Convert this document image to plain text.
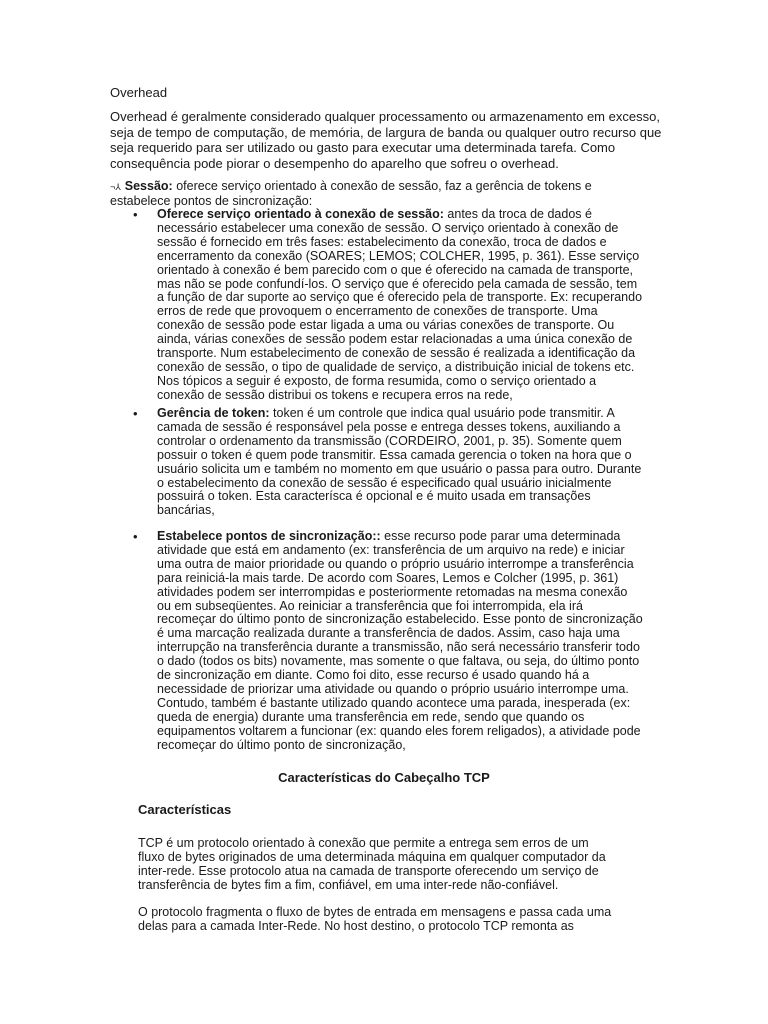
Overhead

Overhead é geralmente considerado qualquer processamento ou armazenamento em excesso,
seja de tempo de computação, de memória, de largura de banda ou qualquer outro recurso que
seja requerido para ser utilizado ou gasto para executar uma determinada tarefa. Como
consequência pode piorar o desempenho do aparelho que sofreu o overhead.

¬⅄ Sessão: oferece serviço orientado à conexão de sessão, faz a gerência de tokens e
estabelece pontos de sincronização:

• Oferece serviço orientado à conexão de sessão: antes da troca de dados é
necessário estabelecer uma conexão de sessão. O serviço orientado à conexão de
sessão é fornecido em três fases: estabelecimento da conexão, troca de dados e
encerramento da conexão (SOARES; LEMOS; COLCHER, 1995, p. 361). Esse serviço
orientado à conexão é bem parecido com o que é oferecido na camada de transporte,
mas não se pode confundí-los. O serviço que é oferecido pela camada de sessão, tem
a função de dar suporte ao serviço que é oferecido pela de transporte. Ex: recuperando
erros de rede que provoquem o encerramento de conexões de transporte. Uma
conexão de sessão pode estar ligada a uma ou várias conexões de transporte. Ou
ainda, várias conexões de sessão podem estar relacionadas a uma única conexão de
transporte. Num estabelecimento de conexão de sessão é realizada a identificação da
conexão de sessão, o tipo de qualidade de serviço, a distribuição inicial de tokens etc.
Nos tópicos a seguir é exposto, de forma resumida, como o serviço orientado a
conexão de sessão distribui os tokens e recupera erros na rede,

• Gerência de token: token é um controle que indica qual usuário pode transmitir. A
camada de sessão é responsável pela posse e entrega desses tokens, auxiliando a
controlar o ordenamento da transmissão (CORDEIRO, 2001, p. 35). Somente quem
possuir o token é quem pode transmitir. Essa camada gerencia o token na hora que o
usuário solicita um e também no momento em que usuário o passa para outro. Durante
o estabelecimento da conexão de sessão é especificado qual usuário inicialmente
possuirá o token. Esta caracteríscа é opcional e é muito usada em transações
bancárias,

• Estabelece pontos de sincronização:: esse recurso pode parar uma determinada
atividade que está em andamento (ex: transferência de um arquivo na rede) e iniciar
uma outra de maior prioridade ou quando o próprio usuário interrompe a transferência
para reiniciá-la mais tarde. De acordo com Soares, Lemos e Colcher (1995, p. 361)
atividades podem ser interrompidas e posteriormente retomadas na mesma conexão
ou em subseqüentes. Ao reiniciar a transferência que foi interrompida, ela irá
recomeçar do último ponto de sincronização estabelecido. Esse ponto de sincronização
é uma marcação realizada durante a transferência de dados. Assim, caso haja uma
interrupção na transferência durante a transmissão, não será necessário transferir todo
o dado (todos os bits) novamente, mas somente o que faltava, ou seja, do último ponto
de sincronização em diante. Como foi dito, esse recurso é usado quando há a
necessidade de priorizar uma atividade ou quando o próprio usuário interrompe uma.
Contudo, também é bastante utilizado quando acontece uma parada, inesperada (ex:
queda de energia) durante uma transferência em rede, sendo que quando os
equipamentos voltarem a funcionar (ex: quando eles forem religados), a atividade pode
recomeçar do último ponto de sincronização,

Características do Cabeçalho TCP

Características

TCP é um protocolo orientado à conexão que permite a entrega sem erros de um
fluxo de bytes originados de uma determinada máquina em qualquer computador da
inter-rede. Esse protocolo atua na camada de transporte oferecendo um serviço de
transferência de bytes fim a fim, confiável, em uma inter-rede não-confiável.

O protocolo fragmenta o fluxo de bytes de entrada em mensagens e passa cada uma
delas para a camada Inter-Rede. No host destino, o protocolo TCP remonta as
